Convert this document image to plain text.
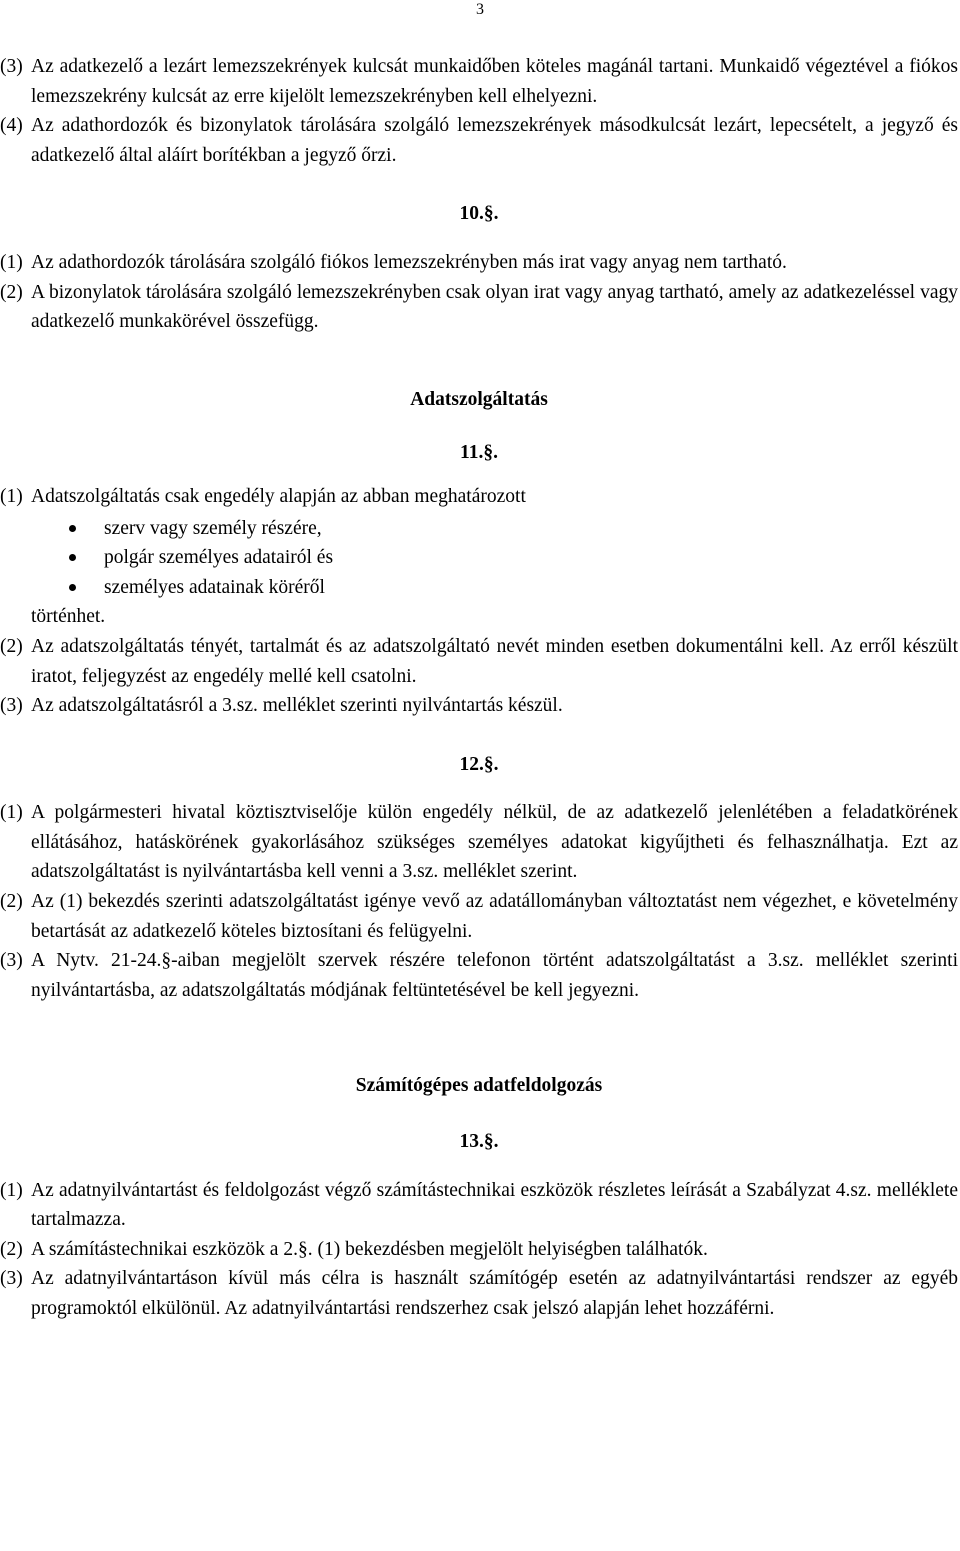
3
(3) Az adatkezelő a lezárt lemezszekrények kulcsát munkaidőben köteles magánál tartani. Munkaidő végeztével a fiókos lemezszekrény kulcsát az erre kijelölt lemezszekrényben kell elhelyezni.
(4) Az adathordozók és bizonylatok tárolására szolgáló lemezszekrények másodkulcsát lezárt, lepecsételt, a jegyző és adatkezelő által aláírt borítékban a jegyző őrzi.
10.§.
(1) Az adathordozók tárolására szolgáló fiókos lemezszekrényben más irat vagy anyag nem tartható.
(2) A bizonylatok tárolására szolgáló lemezszekrényben csak olyan irat vagy anyag tartható, amely az adatkezeléssel vagy adatkezelő munkakörével összefügg.
Adatszolgáltatás
11.§.
(1) Adatszolgáltatás csak engedély alapján az abban meghatározott
szerv vagy személy részére,
polgár személyes adatairól és
személyes adatainak köréről
történhet.
(2) Az adatszolgáltatás tényét, tartalmát és az adatszolgáltató nevét minden esetben dokumentálni kell. Az erről készült iratot, feljegyzést az engedély mellé kell csatolni.
(3) Az adatszolgáltatásról a 3.sz. melléklet szerinti nyilvántartás készül.
12.§.
(1) A polgármesteri hivatal köztisztviselője külön engedély nélkül, de az adatkezelő jelenlétében a feladatkörének ellátásához, hatáskörének gyakorlásához szükséges személyes adatokat kigyűjtheti és felhasználhatja. Ezt az adatszolgáltatást is nyilvántartásba kell venni a 3.sz. melléklet szerint.
(2) Az (1) bekezdés szerinti adatszolgáltatást igénye vevő az adatállományban változtatást nem végezhet, e követelmény betartását az adatkezelő köteles biztosítani és felügyelni.
(3) A Nytv. 21-24.§-aiban megjelölt szervek részére telefonon történt adatszolgáltatást a 3.sz. melléklet szerinti nyilvántartásba, az adatszolgáltatás módjának feltüntetésével be kell jegyezni.
Számítógépes adatfeldolgozás
13.§.
(1) Az adatnyilvántartást és feldolgozást végző számítástechnikai eszközök részletes leírását a Szabályzat 4.sz. melléklete tartalmazza.
(2) A számítástechnikai eszközök a 2.§. (1) bekezdésben megjelölt helyiségben találhatók.
(3) Az adatnyilvántartáson kívül más célra is használt számítógép esetén az adatnyilvántartási rendszer az egyéb programoktól elkülönül. Az adatnyilvántartási rendszerhez csak jelszó alapján lehet hozzáférni.
